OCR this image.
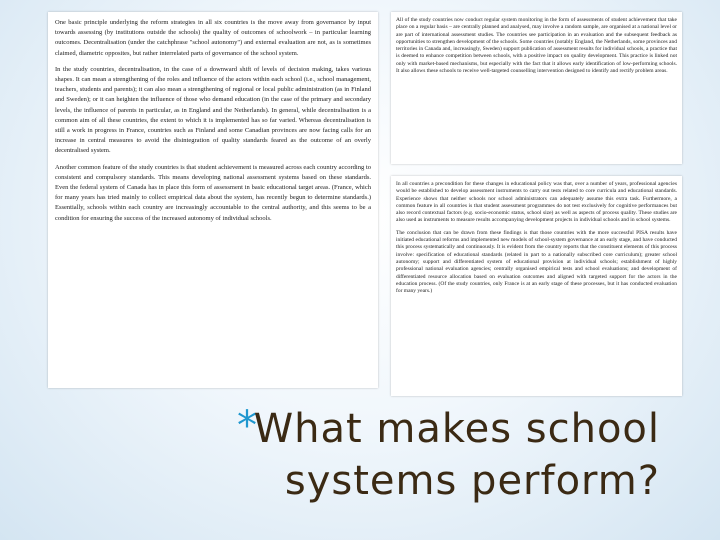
One basic principle underlying the reform strategies in all six countries is the move away from governance by input towards assessing (by institutions outside the schools) the quality of outcomes of schoolwork – in particular learning outcomes. Decentralisation (under the catchphrase "school autonomy") and external evaluation are not, as is sometimes claimed, diametric opposites, but rather interrelated parts of governance of the school system.

In the study countries, decentralisation, in the case of a downward shift of levels of decision making, takes various shapes. It can mean a strengthening of the roles and influence of the actors within each school (i.e., school management, teachers, students and parents); it can also mean a strengthening of regional or local public administration (as in Finland and Sweden); or it can heighten the influence of those who demand education (in the case of the primary and secondary levels, the influence of parents in particular, as in England and the Netherlands). In general, while decentralisation is a common aim of all these countries, the extent to which it is implemented has so far varied. Whereas decentralisation is still a work in progress in France, countries such as Finland and some Canadian provinces are now facing calls for an increase in central measures to avoid the disintegration of quality standards feared as the outcome of an overly decentralised system.

Another common feature of the study countries is that student achievement is measured across each country according to consistent and compulsory standards. This means developing national assessment systems based on these standards. Even the federal system of Canada has in place this form of assessment in basic educational target areas. (France, which for many years has tried mainly to collect empirical data about the system, has recently begun to determine standards.) Essentially, schools within each country are increasingly accountable to the central authority, and this seems to be a condition for ensuring the success of the increased autonomy of individual schools.

All of the study countries now conduct regular system monitoring in the form of assessments of student achievement that take place on a regular basis – are centrally planned and analysed, may involve a random sample, are organised at a national level or are part of international assessment studies. The countries see participation in an evaluation and the subsequent feedback as opportunities to strengthen development of the schools. Some countries (notably England, the Netherlands, some provinces and territories in Canada and, increasingly, Sweden) support publication of assessment results for individual schools, a practice that is deemed to enhance competition between schools, with a positive impact on quality development. This practice is linked not only with market-based mechanisms, but especially with the fact that it allows early identification of low-performing schools. It also allows these schools to receive well-targeted counselling intervention designed to identify and rectify problem areas.

In all countries a precondition for these changes in educational policy was that, over a number of years, professional agencies would be established to develop assessment instruments to carry out tests related to core curricula and educational standards. Experience shows that neither schools nor school administrators can adequately assume this extra task. Furthermore, a common feature in all countries is that student assessment programmes do not test exclusively for cognitive performances but also record contextual factors (e.g. socio-economic status, school size) as well as aspects of process quality. These studies are also used as instruments to measure results accompanying development projects in individual schools and in school systems.

The conclusion that can be drawn from these findings is that those countries with the more successful PISA results have initiated educational reforms and implemented new models of school-system governance at an early stage, and have conducted this process systematically and continuously. It is evident from the country reports that the constituent elements of this process involve: specification of educational standards (related in part to a nationally subscribed core curriculum); greater school autonomy; support and differentiated system of educational provision at individual schools; establishment of highly professional national evaluation agencies; centrally organised empirical tests and school evaluations; and development of differentiated resource allocation based on evaluation outcomes and aligned with targeted support for the actors in the education process. (Of the study countries, only France is at an early stage of these processes, but it has conducted evaluation for many years.)

*
What makes school
systems perform?
